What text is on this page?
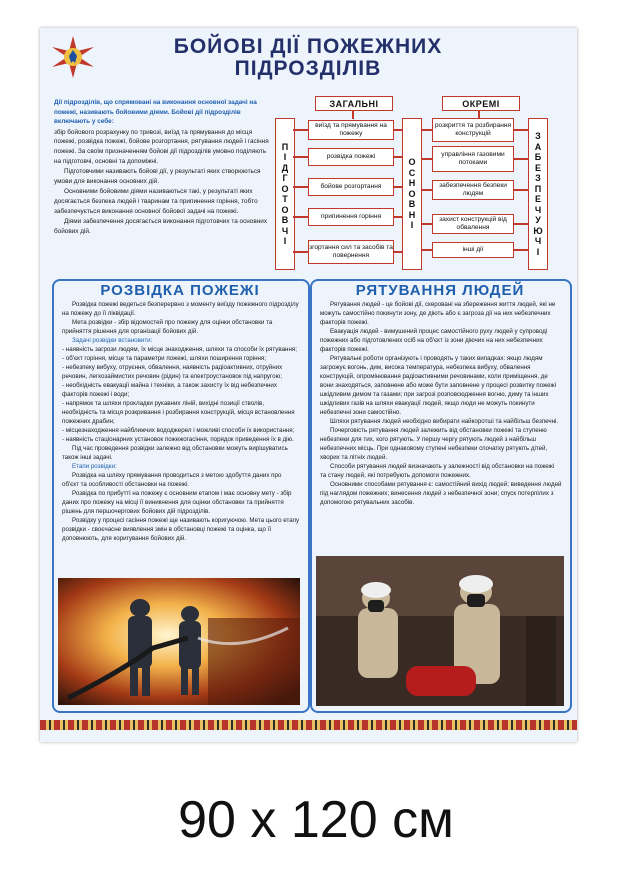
БОЙОВІ ДІЇ ПОЖЕЖНИХ
ПІДРОЗДІЛІВ

Дії підрозділів, що спрямовані на виконання основної задачі на пожежі, називають бойовими діями. Бойові дії підрозділів включають у себе:

збір бойового розрахунку по тривозі, виїзд та прямування до місця пожежі, розвідка пожежі, бойове розгортання, рятування людей і гасіння пожежі. За своїм призначенням бойові дії підрозділів умовно поділяють на підготовчі, основні та допоміжні.

Підготовчими називають бойові дії, у результаті яких створюються умови для виконання основних дій.

Основними бойовими діями називаються такі, у результаті яких досягається безпека людей і тваринам та припинення горіння, тобто забезпечується виконання основної бойової задачі на пожежі.

Діями забезпечення досягається виконання підготовчих та основних бойових дій.

ЗАГАЛЬНІ	ОКРЕМІ
П
І
Д
Г
О
Т
О
В
Ч
І
О
С
Н
О
В
Н
І
З
А
Б
Е
З
П
Е
Ч
У
Ю
Ч
І
виїзд та прямування на пожежу
розвідка пожежі
бойове розгортання
припинення горіння
згортання сил та засобів та повернення
розкриття та розбирання конструкцій
управління газовими потоками
забезпечення безпеки людям
захист конструкцій від обвалення
інші дії
РОЗВІДКА ПОЖЕЖІ

Розвідка пожежі ведеться безперервно з моменту виїзду пожежного підрозділу на пожежу до її ліквідації.

Мета розвідки - збір відомостей про пожежу для оцінки обстановки та прийняття рішення для організації бойових дій.

Задачі розвідки встановити:

- наявність загрози людям, їх місце знаходження, шляхи та способи їх рятування;

- об'єкт горіння, місце та параметри пожежі, шляхи поширення горіння;

- небезпеку вибуху, отруєння, обвалення, наявність радіоактивних, отруйних речовин, легкозаймистих речовин (рідин) та електроустановок під напругою;

- необхідність евакуації майна і техніки, а також захисту їх від небезпечних факторів пожежі і води;

- напрямок та шляхи прокладки рукавних ліній, вихідні позиції стволів, необхідність та місця розкривання і розбирання конструкцій, місця встановлення пожежних драбин;

- місцезнаходження найближчих вододжерел і можливі способи їх використання;

- наявність стаціонарних установок пожежогасіння, порядок приведення їх в дію.

Під час проведення розвідки залежно від обстановки можуть вирішуватись також інші задачі.

Етапи розвідки:

Розвідка на шляху прямування проводиться з метою здобуття даних про об'єкт та особливості обстановки на пожежі.

Розвідка по прибутті на пожежу є основним етапом і має основну мету - збір даних про пожежу на місці її виникнення для оцінки обстановки та прийняття рішень для першочергових бойових дій підрозділів.

Розвідку у процесі гасіння пожежі ще називають коригуючою. Мета цього етапу розвідки - своєчасне виявлення змін в обстановці пожежі та оцінка, що її доповнюють, для коригування бойових дій.

РЯТУВАННЯ ЛЮДЕЙ

Рятування людей - це бойові дії, скеровані на збереження життя людей, які не можуть самостійно покинути зону, де діють або є загроза дії на них небезпечних факторів пожежі.

Евакуація людей - вимушений процес самостійного руху людей у супроводі пожежних або підготовлених осіб на об'єкт із зони діючих на них небезпечних факторів пожежі.

Рятувальні роботи організують і проводять у таких випадках: якщо людям загрожує вогонь, дим, висока температура, небезпека вибуху, обвалення конструкцій, опромінювання радіоактивними речовинами, коли приміщення, де вони знаходяться, заповнене або може бути заповнене у процесі розвитку пожежі шкідливим димом та газами; при загрозі розповсюдження вогню, диму та інших шкідливих газів на шляхи евакуації людей, якщо люди не можуть покинути небезпечні зони самостійно.

Шляхи рятування людей необхідно вибирати найкоротші та найбільш безпечні.

Почерговість рятування людей залежить від обстановки пожежі та ступеню небезпеки для тих, кого рятують. У першу чергу рятують людей з найбільш небезпечних місць. При однаковому ступені небезпеки спочатку рятують дітей, хворих та літніх людей.

Способи рятування людей визначають у залежності від обстановки на пожежі та стану людей, які потребують допомоги пожежних.

Основними способами рятування є: самостійний вихід людей; виведення людей під наглядом пожежних; винесення людей з небезпечної зони; спуск потерпілих з допомогою рятувальних засобів.

90 x 120 см
